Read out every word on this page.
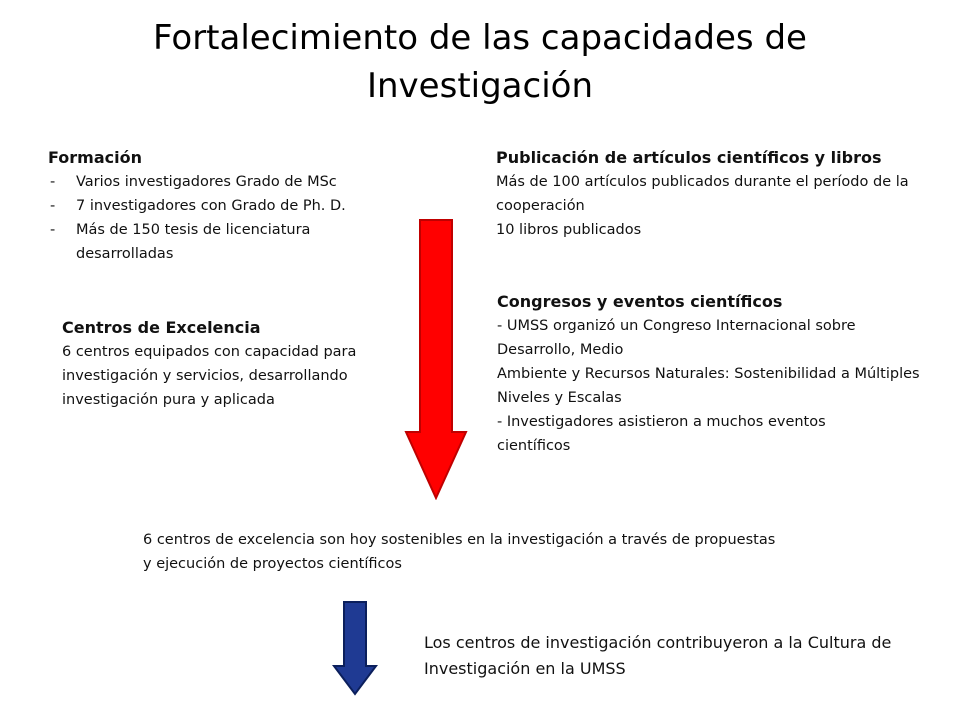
Fortalecimiento de las capacidades de Investigación
Formación
- Varios investigadores Grado de MSc
- 7 investigadores con Grado de Ph. D.
- Más de 150 tesis de licenciatura desarrolladas
Publicación de artículos científicos y libros

Más de 100 artículos publicados durante el período de la cooperación

10 libros publicados

Centros de Excelencia

6 centros equipados con capacidad para investigación y servicios, desarrollando investigación pura y aplicada

Congresos y eventos científicos

- UMSS organizó un Congreso Internacional sobre Desarrollo, Medio

Ambiente y Recursos Naturales: Sostenibilidad a Múltiples Niveles y Escalas

- Investigadores asistieron a muchos eventos científicos

6 centros de excelencia son hoy sostenibles en la investigación a través de propuestas y ejecución de proyectos científicos

Los centros de investigación contribuyeron a la Cultura de Investigación en la UMSS
